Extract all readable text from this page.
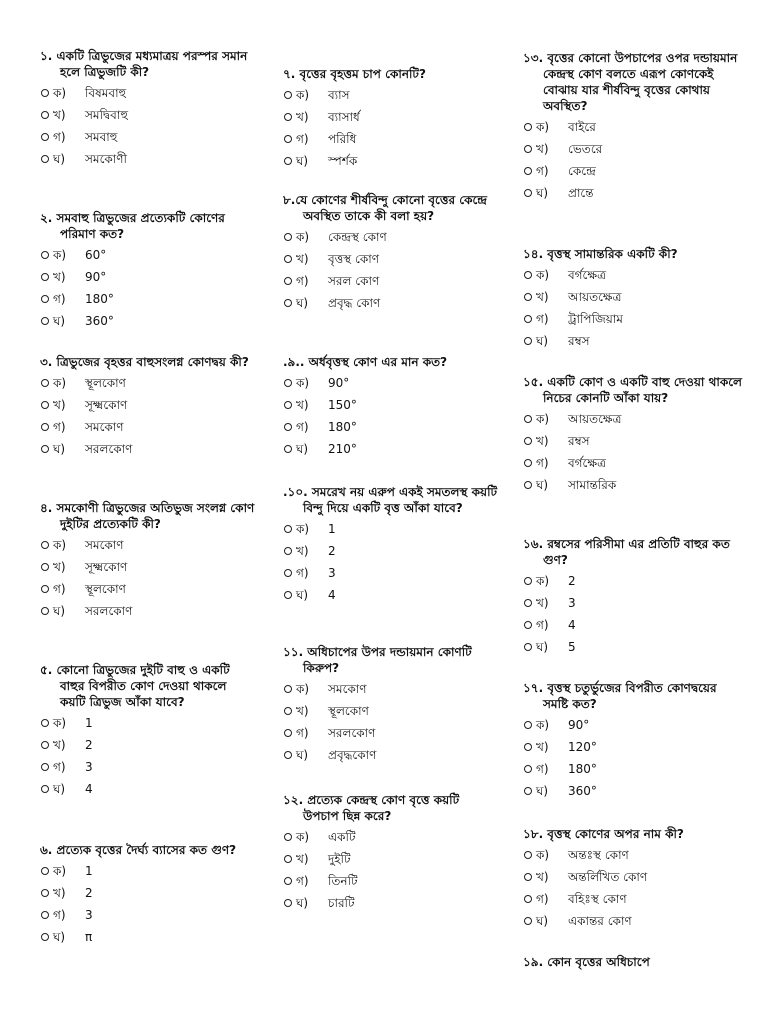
১. একটি ত্রিভুজের মধ্যমাত্রয় পরস্পর সমান হলে ত্রিভুজটি কী?
ক)	বিষমবাহু
খ)	সমদ্বিবাহু
গ)	সমবাহু
ঘ)	সমকোণী
২. সমবাহু ত্রিভুজের প্রত্যেকটি কোণের পরিমাণ কত?
ক)	60°
খ)	90°
গ)	180°
ঘ)	360°
৩. ত্রিভুজের বৃহত্তর বাহুসংলগ্ন কোণদ্বয় কী?
ক)	স্থূলকোণ
খ)	সূক্ষ্মকোণ
গ)	সমকোণ
ঘ)	সরলকোণ
৪. সমকোণী ত্রিভুজের অতিভুজ সংলগ্ন কোণ দুইটির প্রত্যেকটি কী?
ক)	সমকোণ
খ)	সূক্ষ্মকোণ
গ)	স্থূলকোণ
ঘ)	সরলকোণ
৫. কোনো ত্রিভুজের দুইটি বাহু ও একটি বাহুর বিপরীত কোণ দেওয়া থাকলে কয়টি ত্রিভুজ আঁকা যাবে?
ক)	1
খ)	2
গ)	3
ঘ)	4
৬. প্রত্যেক বৃত্তের দৈর্ঘ্য ব্যাসের কত গুণ?
ক)	1
খ)	2
গ)	3
ঘ)	π
৭. বৃত্তের বৃহত্তম চাপ কোনটি?
ক)	ব্যাস
খ)	ব্যাসার্ধ
গ)	পরিধি
ঘ)	স্পর্শক
৮.যে কোণের শীর্ষবিন্দু কোনো বৃত্তের কেন্দ্রে অবস্থিত তাকে কী বলা হয়?
ক)	কেন্দ্রস্থ কোণ
খ)	বৃত্তস্থ কোণ
গ)	সরল কোণ
ঘ)	প্রবৃদ্ধ কোণ
.৯.. অর্ধবৃত্তস্থ কোণ এর মান কত?
ক)	90°
খ)	150°
গ)	180°
ঘ)	210°
.১০. সমরেখ নয় এরুপ একই সমতলস্থ কয়টি বিন্দু দিয়ে একটি বৃত্ত আঁকা যাবে?
ক)	1
খ)	2
গ)	3
ঘ)	4
১১. অধিচাপের উপর দন্ডায়মান কোণটি কিরুপ?
ক)	সমকোণ
খ)	স্থূলকোণ
গ)	সরলকোণ
ঘ)	প্রবৃদ্ধকোণ
১২. প্রত্যেক কেন্দ্রস্থ কোণ বৃত্তে কয়টি উপচাপ ছিন্ন করে?
ক)	একটি
খ)	দুইটি
গ)	তিনটি
ঘ)	চারটি
১৩. বৃত্তের কোনো উপচাপের ওপর দন্ডায়মান কেন্দ্রস্থ কোণ বলতে এরূপ কোণকেই বোঝায় যার শীর্ষবিন্দু বৃত্তের কোথায় অবস্থিত?
ক)	বাইরে
খ)	ভেতরে
গ)	কেন্দ্রে
ঘ)	প্রান্তে
১৪. বৃত্তস্থ সামান্তরিক একটি কী?
ক)	বর্গক্ষেত্র
খ)	আয়তক্ষেত্র
গ)	ট্রাপিজিয়াম
ঘ)	রম্বস
১৫. একটি কোণ ও একটি বাহু দেওয়া থাকলে নিচের কোনটি আঁকা যায়?
ক)	আয়তক্ষেত্র
খ)	রম্বস
গ)	বর্গক্ষেত্র
ঘ)	সামান্তরিক
১৬. রম্বসের পরিসীমা এর প্রতিটি বাহুর কত গুণ?
ক)	2
খ)	3
গ)	4
ঘ)	5
১৭. বৃত্তস্থ চতুর্ভুজের বিপরীত কোণদ্বয়ের সমষ্টি কত?
ক)	90°
খ)	120°
গ)	180°
ঘ)	360°
১৮. বৃত্তস্থ কোণের অপর নাম কী?
ক)	অন্তঃস্থ কোণ
খ)	অন্তর্লিখিত কোণ
গ)	বহিঃস্থ কোণ
ঘ)	একান্তর কোণ
১৯. কোন বৃত্তের অধিচাপে
